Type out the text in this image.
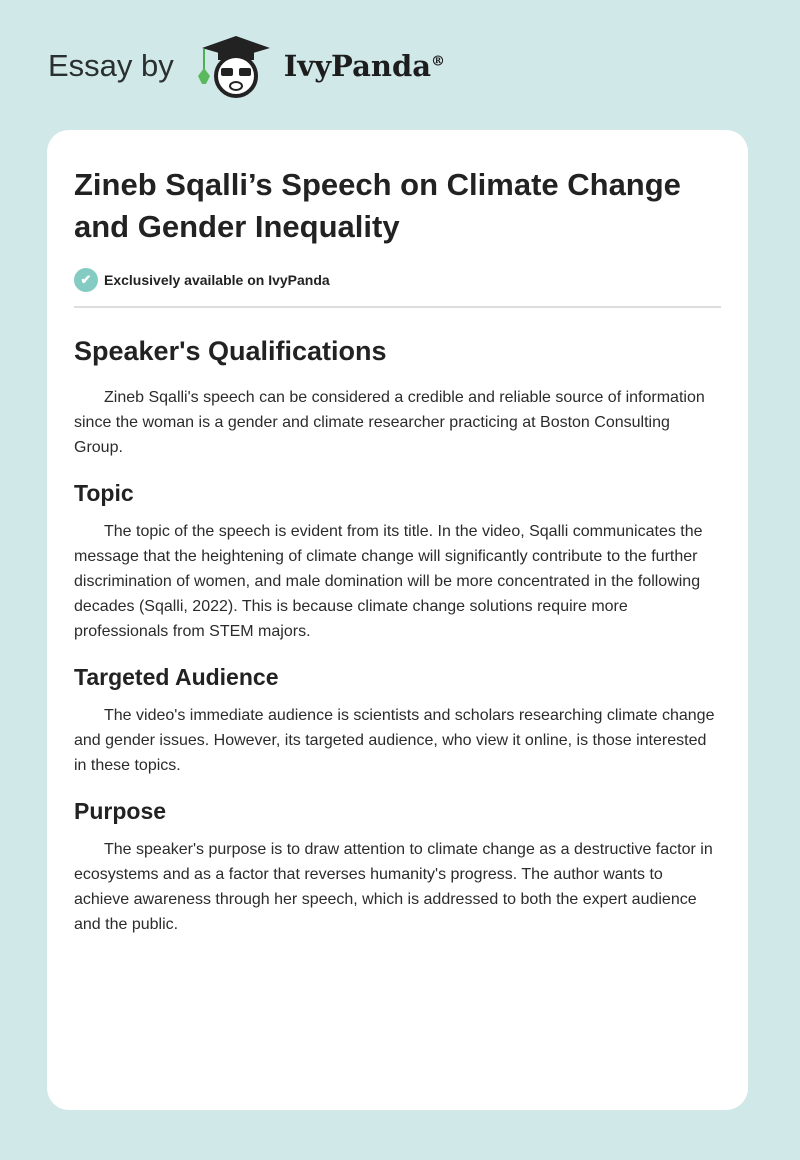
Essay by	IvyPanda®
Zineb Sqalli’s Speech on Climate Change and Gender Inequality
✔ Exclusively available on IvyPanda
Speaker's Qualifications

Zineb Sqalli's speech can be considered a credible and reliable source of information since the woman is a gender and climate researcher practicing at Boston Consulting Group.

Topic

The topic of the speech is evident from its title. In the video, Sqalli communicates the message that the heightening of climate change will significantly contribute to the further discrimination of women, and male domination will be more concentrated in the following decades (Sqalli, 2022). This is because climate change solutions require more professionals from STEM majors.

Targeted Audience

The video's immediate audience is scientists and scholars researching climate change and gender issues. However, its targeted audience, who view it online, is those interested in these topics.

Purpose

The speaker's purpose is to draw attention to climate change as a destructive factor in ecosystems and as a factor that reverses humanity's progress. The author wants to achieve awareness through her speech, which is addressed to both the expert audience and the public.
